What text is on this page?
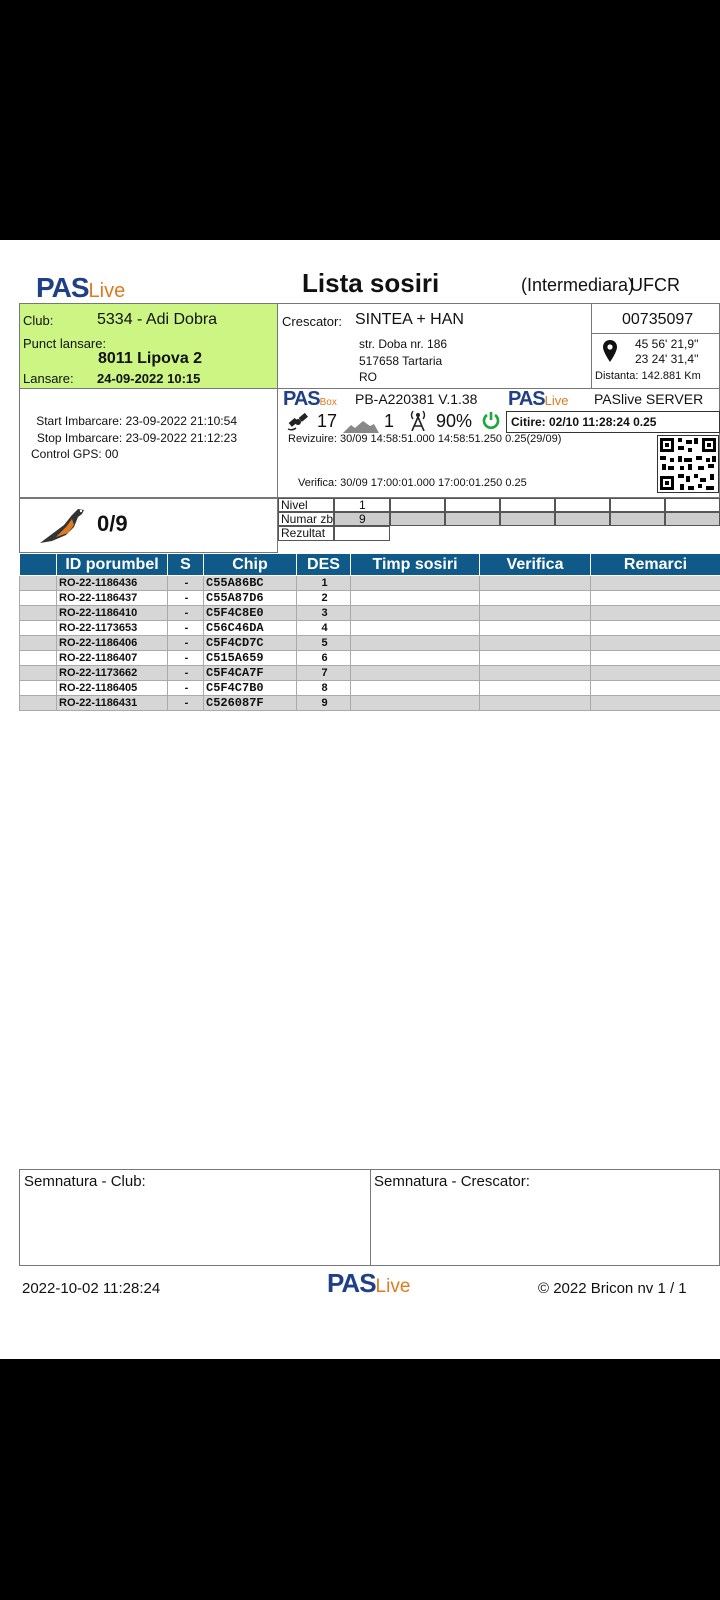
PASLive	Lista sosiri	(Intermediara)
UFCR
Club:	5334 - Adi Dobra
Punct lansare:
8011 Lipova 2
Lansare: 24-09-2022 10:15
Crescator: SINTEA + HAN
str. Doba nr. 186
517658 Tartaria
RO
00735097
45 56' 21,9''
23 24' 31,4''
Distanta: 142.881 Km
Start Imbarcare: 23-09-2022 21:10:54
Stop Imbarcare: 23-09-2022 21:12:23
Control GPS: 00
PASBox PB-A220381 V.1.38 PASLive PASlive SERVER
17	1 90%	Citire: 02/10 11:28:24 0.25
Revizuire: 30/09 14:58:51.000 14:58:51.250 0.25(29/09)
Verifica: 30/09 17:00:01.000 17:00:01.250 0.25
0/9
Nivel	1
Numar zb	9
Rezultat
	ID porumbel	S	Chip	DES	Timp sosiri	Verifica	Remarci
	RO-22-1186436	-	C55A86BC	1			
	RO-22-1186437	-	C55A87D6	2			
	RO-22-1186410	-	C5F4C8E0	3			
	RO-22-1173653	-	C56C46DA	4			
	RO-22-1186406	-	C5F4CD7C	5			
	RO-22-1186407	-	C515A659	6			
	RO-22-1173662	-	C5F4CA7F	7			
	RO-22-1186405	-	C5F4C7B0	8			
	RO-22-1186431	-	C526087F	9			
Semnatura - Club:	Semnatura - Crescator:
2022-10-02 11:28:24	PASLive	© 2022 Bricon nv 1 / 1
